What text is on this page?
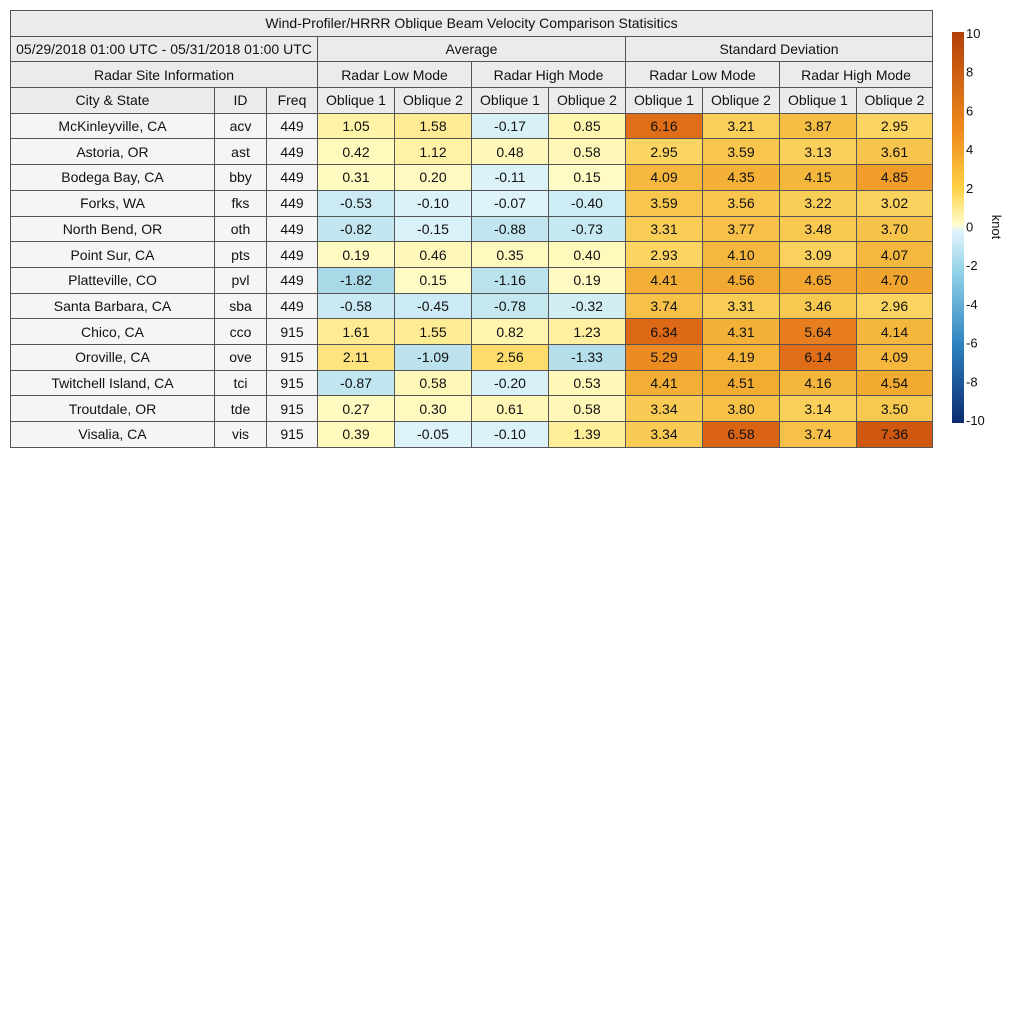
Wind-Profiler/HRRR Oblique Beam Velocity Comparison Statisitics										
05/29/2018 01:00 UTC - 05/31/2018 01:00 UTC			Average				Standard Deviation			
Radar Site Information			Radar Low Mode		Radar High Mode		Radar Low Mode		Radar High Mode	
City & State	ID	Freq	Oblique 1	Oblique 2	Oblique 1	Oblique 2	Oblique 1	Oblique 2	Oblique 1	Oblique 2
McKinleyville, CA	acv	449	1.05	1.58	-0.17	0.85	6.16	3.21	3.87	2.95
Astoria, OR	ast	449	0.42	1.12	0.48	0.58	2.95	3.59	3.13	3.61
Bodega Bay, CA	bby	449	0.31	0.20	-0.11	0.15	4.09	4.35	4.15	4.85
Forks, WA	fks	449	-0.53	-0.10	-0.07	-0.40	3.59	3.56	3.22	3.02
North Bend, OR	oth	449	-0.82	-0.15	-0.88	-0.73	3.31	3.77	3.48	3.70
Point Sur, CA	pts	449	0.19	0.46	0.35	0.40	2.93	4.10	3.09	4.07
Platteville, CO	pvl	449	-1.82	0.15	-1.16	0.19	4.41	4.56	4.65	4.70
Santa Barbara, CA	sba	449	-0.58	-0.45	-0.78	-0.32	3.74	3.31	3.46	2.96
Chico, CA	cco	915	1.61	1.55	0.82	1.23	6.34	4.31	5.64	4.14
Oroville, CA	ove	915	2.11	-1.09	2.56	-1.33	5.29	4.19	6.14	4.09
Twitchell Island, CA	tci	915	-0.87	0.58	-0.20	0.53	4.41	4.51	4.16	4.54
Troutdale, OR	tde	915	0.27	0.30	0.61	0.58	3.34	3.80	3.14	3.50
Visalia, CA	vis	915	0.39	-0.05	-0.10	1.39	3.34	6.58	3.74	7.36
10
8
6
4
2
0
-2
-4
-6
-8
-10
knot
